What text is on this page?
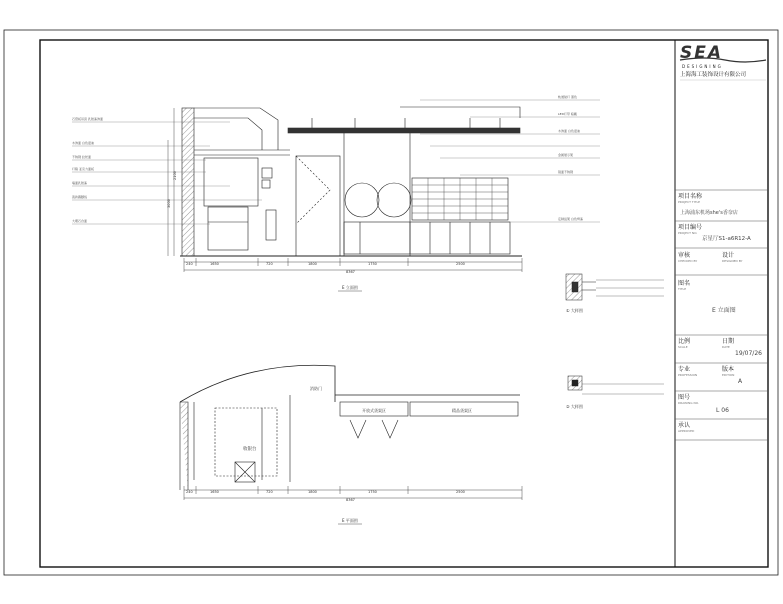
SEA
DESIGNING
上海海工装饰设计有限公司
项目名称
PROJECT TITLE
上海浦东机场she's香奈店
项目编号
PROJECT NO.
京星厅S1-a6R12-A
审核
CHECKED BY
设计
DESIGNED BY
图名
TITLE
E 立面图
比例
SCALE
日期
DATE
19/07/26
专业
PROFESSION
版本
EDITION
A
图号
DRAWING NO.
L 06
承认
APPROVED
240	1650	720	1800	1750	2500
8367
3000
2100
E 立面图
石膏板吊顶 乳胶漆饰面
木饰面 白色混油
不锈钢 拉丝面
灯箱 亚克力面板
墙面乳胶漆
瓷砖踢脚线
大理石台面
轨道射灯 黑色
LED灯带 暗藏
木饰面 白色混油
金属展示架
镜面不锈钢
定制货架 白色烤漆
① 大样图
② 大样图
消防门
收银台
开放式货架区	精品货架区
240	1650	720	1800	1750	2500
8367
E 平面图
